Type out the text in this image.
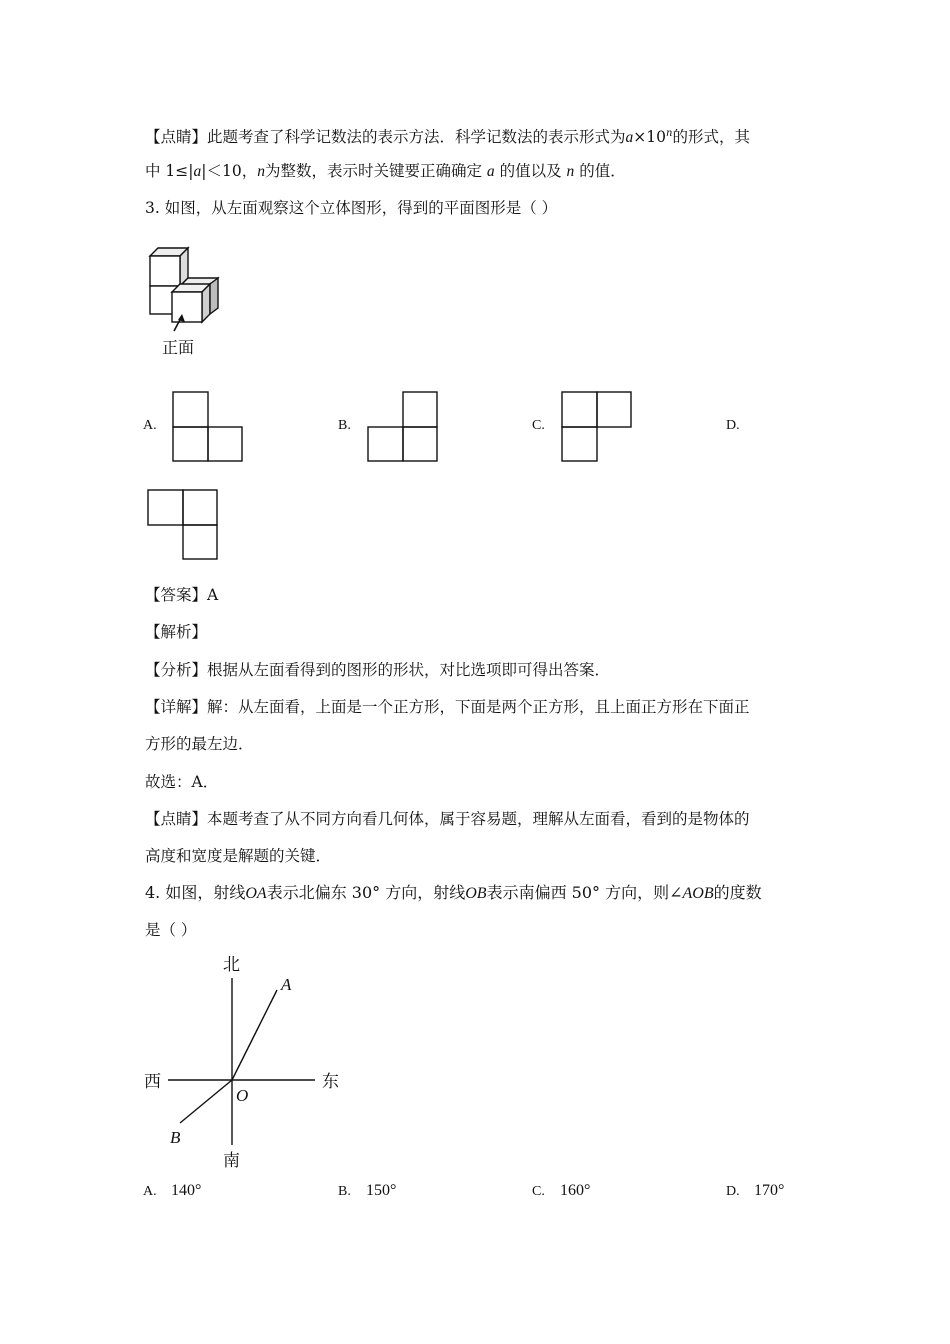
【点睛】此题考查了科学记数法的表示方法．科学记数法的表示形式为$a\times 10^n$的形式，其
中 1≤|a|＜10，n为整数，表示时关键要正确确定 a 的值以及 n 的值．
3. 如图，从左面观察这个立体图形，得到的平面图形是（ ）
正面
A.	B.	C.	D.
【答案】A
【解析】
【分析】根据从左面看得到的图形的形状，对比选项即可得出答案．
【详解】解：从左面看，上面是一个正方形，下面是两个正方形，且上面正方形在下面正
方形的最左边．
故选：A．
【点睛】本题考查了从不同方向看几何体，属于容易题，理解从左面看，看到的是物体的
高度和宽度是解题的关键．
4. 如图，射线OA表示北偏东 30° 方向，射线OB表示南偏西 50° 方向，则∠AOB的度数
是（ ）
北
南
西	东
A
B
O
A. 140°	B. 150°	C. 160°	D. 170°
